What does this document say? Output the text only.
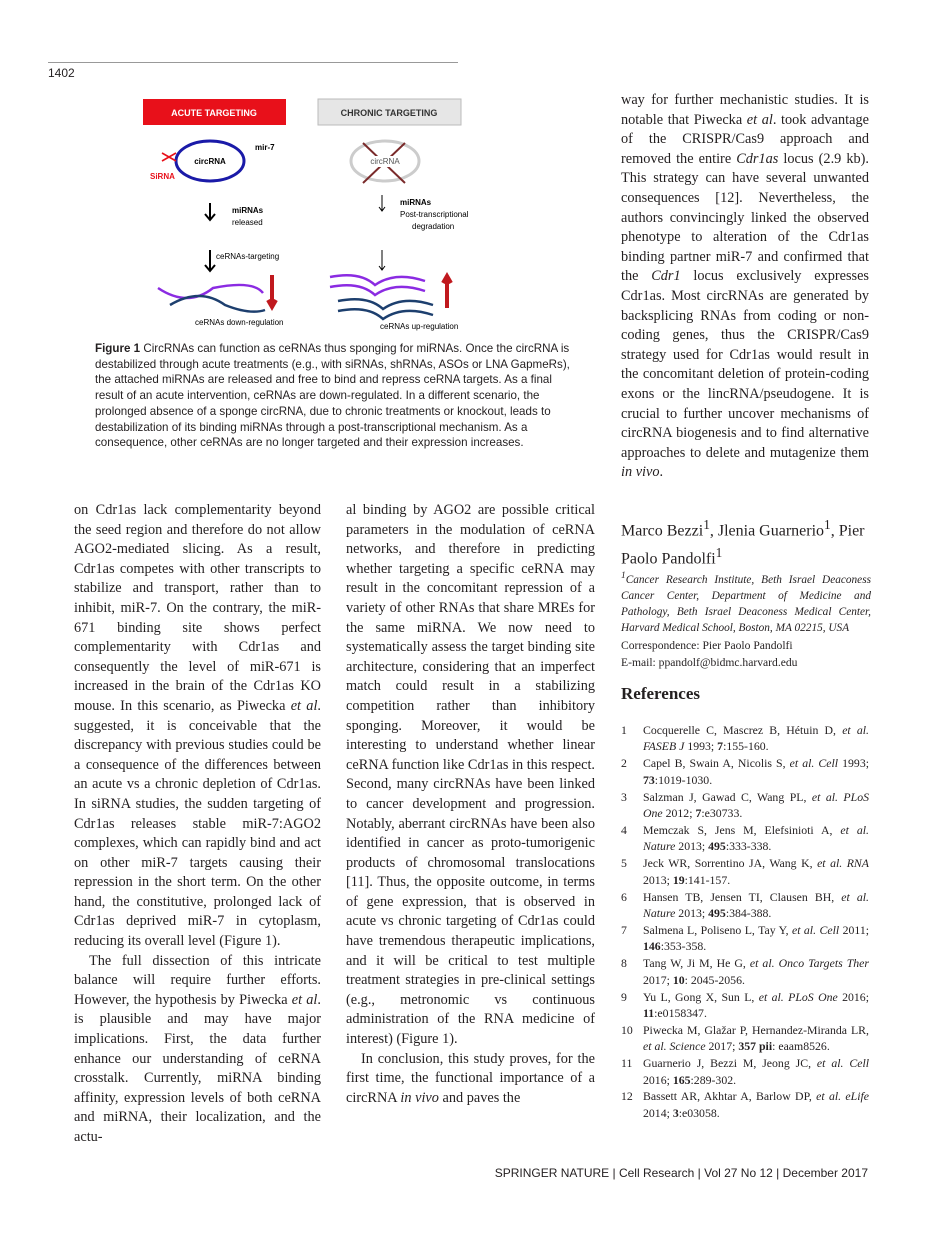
1402
ACUTE TARGETING	CHRONIC TARGETING
circRNA
mir-7
SiRNA
miRNAs
released
ceRNAs-targeting
ceRNAs down-regulation
circRNA
miRNAs
Post-transcriptional
degradation
ceRNAs up-regulation
Figure 1 CircRNAs can function as ceRNAs thus sponging for miRNAs. Once the circRNA is destabilized through acute treatments (e.g., with siRNAs, shRNAs, ASOs or LNA GapmeRs), the attached miRNAs are released and free to bind and repress ceRNA targets. As a final result of an acute intervention, ceRNAs are down-regulated. In a different scenario, the prolonged absence of a sponge circRNA, due to chronic treatments or knockout, leads to destabilization of its binding miRNAs through a post-transcriptional mechanism. As a consequence, other ceRNAs are no longer targeted and their expression increases.

on Cdr1as lack complementarity beyond the seed region and therefore do not allow AGO2-mediated slicing. As a result, Cdr1as competes with other transcripts to stabilize and transport, rather than to inhibit, miR-7. On the contrary, the miR-671 binding site shows perfect complementarity with Cdr1as and consequently the level of miR-671 is increased in the brain of the Cdr1as KO mouse. In this scenario, as Piwecka et al. suggested, it is conceivable that the discrepancy with previous studies could be a consequence of the differences between an acute vs a chronic depletion of Cdr1as. In siRNA studies, the sudden targeting of Cdr1as releases stable miR-7:AGO2 complexes, which can rapidly bind and act on other miR-7 targets causing their repression in the short term. On the other hand, the constitutive, prolonged lack of Cdr1as deprived miR-7 in cytoplasm, reducing its overall level (Figure 1).

The full dissection of this intricate balance will require further efforts. However, the hypothesis by Piwecka et al. is plausible and may have major implications. First, the data further enhance our understanding of ceRNA crosstalk. Currently, miRNA binding affinity, expression levels of both ceRNA and miRNA, their localization, and the actu-

al binding by AGO2 are possible critical parameters in the modulation of ceRNA networks, and therefore in predicting whether targeting a specific ceRNA may result in the concomitant repression of a variety of other RNAs that share MREs for the same miRNA. We now need to systematically assess the target binding site architecture, considering that an imperfect match could result in a stabilizing competition rather than inhibitory sponging. Moreover, it would be interesting to understand whether linear ceRNA function like Cdr1as in this respect. Second, many circRNAs have been linked to cancer development and progression. Notably, aberrant circRNAs have been also identified in cancer as proto-tumorigenic products of chromosomal translocations [11]. Thus, the opposite outcome, in terms of gene expression, that is observed in acute vs chronic targeting of Cdr1as could have tremendous therapeutic implications, and it will be critical to test multiple treatment strategies in pre-clinical settings (e.g., metronomic vs continuous administration of the RNA medicine of interest) (Figure 1).

In conclusion, this study proves, for the first time, the functional importance of a circRNA in vivo and paves the

way for further mechanistic studies. It is notable that Piwecka et al. took advantage of the CRISPR/Cas9 approach and removed the entire Cdr1as locus (2.9 kb). This strategy can have several unwanted consequences [12]. Nevertheless, the authors convincingly linked the observed phenotype to alteration of the Cdr1as binding partner miR-7 and confirmed that the Cdr1 locus exclusively expresses Cdr1as. Most circRNAs are generated by backsplicing RNAs from coding or non-coding genes, thus the CRISPR/Cas9 strategy used for Cdr1as would result in the concomitant deletion of protein-coding exons or the lincRNA/pseudogene. It is crucial to further uncover mechanisms of circRNA biogenesis and to find alternative approaches to delete and mutagenize them in vivo.

Marco Bezzi$^1$, Jlenia Guarnerio$^1$, Pier Paolo Pandolfi$^1$
$^1$Cancer Research Institute, Beth Israel Deaconess Cancer Center, Department of Medicine and Pathology, Beth Israel Deaconess Medical Center, Harvard Medical School, Boston, MA 02215, USA
Correspondence: Pier Paolo Pandolfi
E-mail: ppandolf@bidmc.harvard.edu
References
1	Cocquerelle C, Mascrez B, Hétuin D, et al. FASEB J 1993; 7:155-160.
2	Capel B, Swain A, Nicolis S, et al. Cell 1993; 73:1019-1030.
3	Salzman J, Gawad C, Wang PL, et al. PLoS One 2012; 7:e30733.
4	Memczak S, Jens M, Elefsinioti A, et al. Nature 2013; 495:333-338.
5	Jeck WR, Sorrentino JA, Wang K, et al. RNA 2013; 19:141-157.
6	Hansen TB, Jensen TI, Clausen BH, et al. Nature 2013; 495:384-388.
7	Salmena L, Poliseno L, Tay Y, et al. Cell 2011; 146:353-358.
8	Tang W, Ji M, He G, et al. Onco Targets Ther 2017; 10: 2045-2056.
9	Yu L, Gong X, Sun L, et al. PLoS One 2016; 11:e0158347.
10 Piwecka M, Glažar P, Hernandez-Miranda LR, et al. Science 2017; 357 pii: eaam8526.
11 Guarnerio J, Bezzi M, Jeong JC, et al. Cell 2016; 165:289-302.
12 Bassett AR, Akhtar A, Barlow DP, et al. eLife 2014; 3:e03058.
SPRINGER NATURE | Cell Research | Vol 27 No 12 | December 2017
